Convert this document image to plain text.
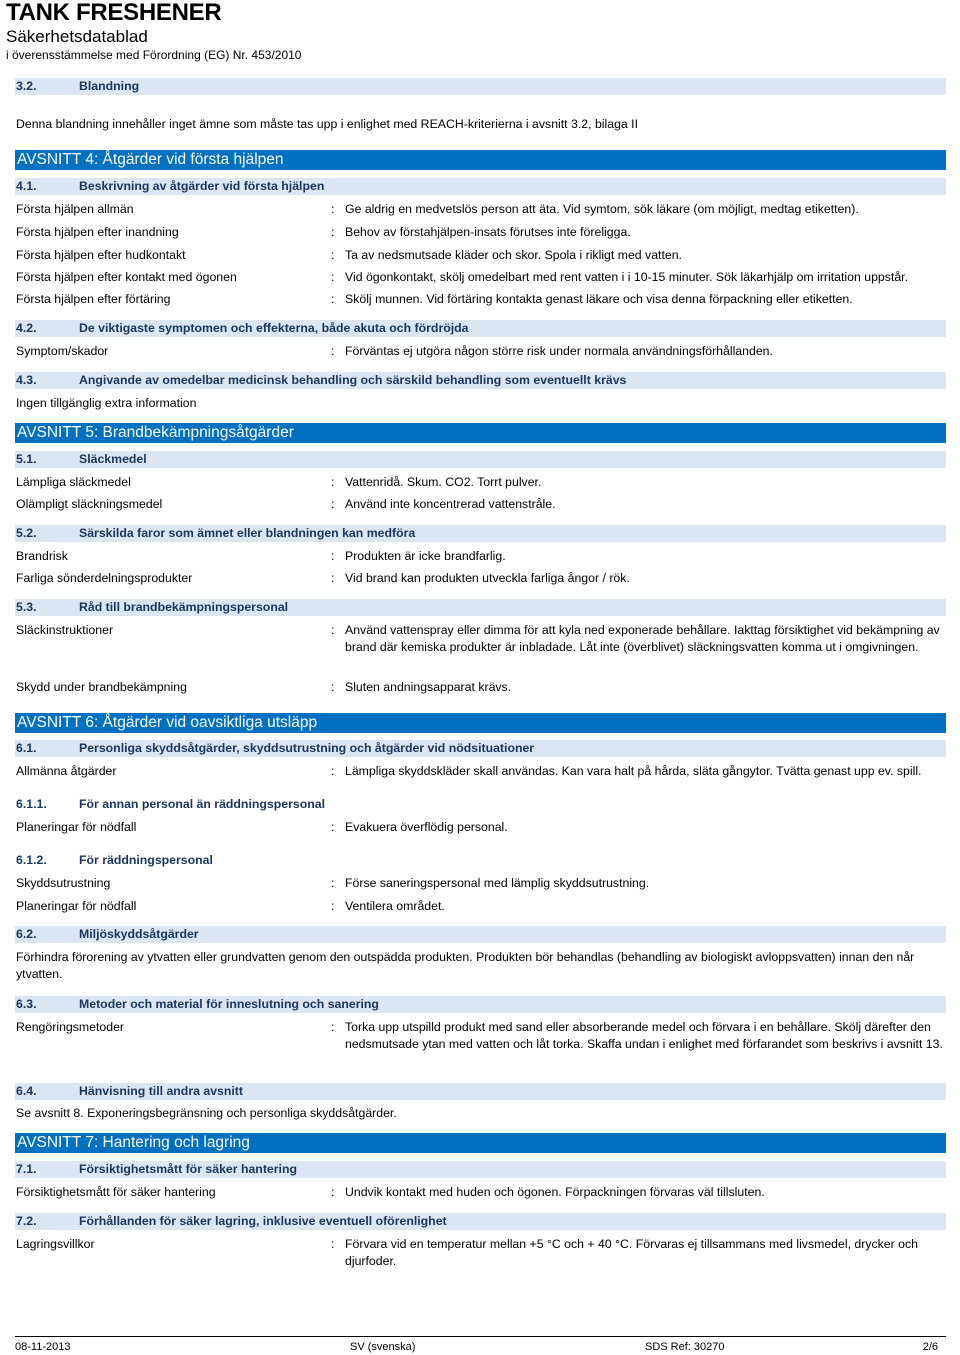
TANK FRESHENER
Säkerhetsdatablad
i överensstämmelse med Förordning (EG) Nr. 453/2010
3.2.	Blandning
Denna blandning innehåller inget ämne som måste tas upp i enlighet med REACH-kriterierna i avsnitt 3.2, bilaga II
AVSNITT 4: Åtgärder vid första hjälpen
4.1.	Beskrivning av åtgärder vid första hjälpen
Första hjälpen allmän	: Ge aldrig en medvetslös person att äta. Vid symtom, sök läkare (om möjligt, medtag etiketten).
Första hjälpen efter inandning	: Behov av förstahjälpen-insats förutses inte föreligga.
Första hjälpen efter hudkontakt	: Ta av nedsmutsade kläder och skor. Spola i rikligt med vatten.
Första hjälpen efter kontakt med ögonen	: Vid ögonkontakt, skölj omedelbart med rent vatten i i 10-15 minuter. Sök läkarhjälp om irritation uppstår.
Första hjälpen efter förtäring	: Skölj munnen. Vid förtäring kontakta genast läkare och visa denna förpackning eller etiketten.
4.2.	De viktigaste symptomen och effekterna, både akuta och fördröjda
Symptom/skador	: Förväntas ej utgöra någon större risk under normala användningsförhållanden.
4.3.	Angivande av omedelbar medicinsk behandling och särskild behandling som eventuellt krävs
Ingen tillgänglig extra information
AVSNITT 5: Brandbekämpningsåtgärder
5.1.	Släckmedel
Lämpliga släckmedel	: Vattenridå. Skum. CO2. Torrt pulver.
Olämpligt släckningsmedel	: Använd inte koncentrerad vattenstråle.
5.2.	Särskilda faror som ämnet eller blandningen kan medföra
Brandrisk	: Produkten är icke brandfarlig.
Farliga sönderdelningsprodukter	: Vid brand kan produkten utveckla farliga ångor / rök.
5.3.	Råd till brandbekämpningspersonal
Släckinstruktioner	: Använd vattenspray eller dimma för att kyla ned exponerade behållare. Iakttag försiktighet vid bekämpning av brand där kemiska produkter är inbladade. Låt inte (överblivet) släckningsvatten komma ut i omgivningen.
Skydd under brandbekämpning	: Sluten andningsapparat krävs.
AVSNITT 6: Åtgärder vid oavsiktliga utsläpp
6.1.	Personliga skyddsåtgärder, skyddsutrustning och åtgärder vid nödsituationer
Allmänna åtgärder	: Lämpliga skyddskläder skall användas. Kan vara halt på hårda, släta gångytor. Tvätta genast upp ev. spill.
6.1.1.	För annan personal än räddningspersonal
Planeringar för nödfall	: Evakuera överflödig personal.
6.1.2.	För räddningspersonal
Skyddsutrustning	: Förse saneringspersonal med lämplig skyddsutrustning.
Planeringar för nödfall	: Ventilera området.
6.2.	Miljöskyddsåtgärder
Förhindra förorening av ytvatten eller grundvatten genom den outspädda produkten. Produkten bör behandlas (behandling av biologiskt avloppsvatten) innan den når ytvatten.
6.3.	Metoder och material för inneslutning och sanering
Rengöringsmetoder	: Torka upp utspilld produkt med sand eller absorberande medel och förvara i en behållare. Skölj därefter den nedsmutsade ytan med vatten och låt torka. Skaffa undan i enlighet med förfarandet som beskrivs i avsnitt 13.
6.4.	Hänvisning till andra avsnitt
Se avsnitt 8. Exponeringsbegränsning och personliga skyddsåtgärder.
AVSNITT 7: Hantering och lagring
7.1.	Försiktighetsmått för säker hantering
Försiktighetsmått för säker hantering	: Undvik kontakt med huden och ögonen. Förpackningen förvaras väl tillsluten.
7.2.	Förhållanden för säker lagring, inklusive eventuell oförenlighet
Lagringsvillkor	: Förvara vid en temperatur mellan +5 °C och + 40 °C. Förvaras ej tillsammans med livsmedel, drycker och djurfoder.
08-11-2013	SV (svenska)	SDS Ref: 30270	2/6
